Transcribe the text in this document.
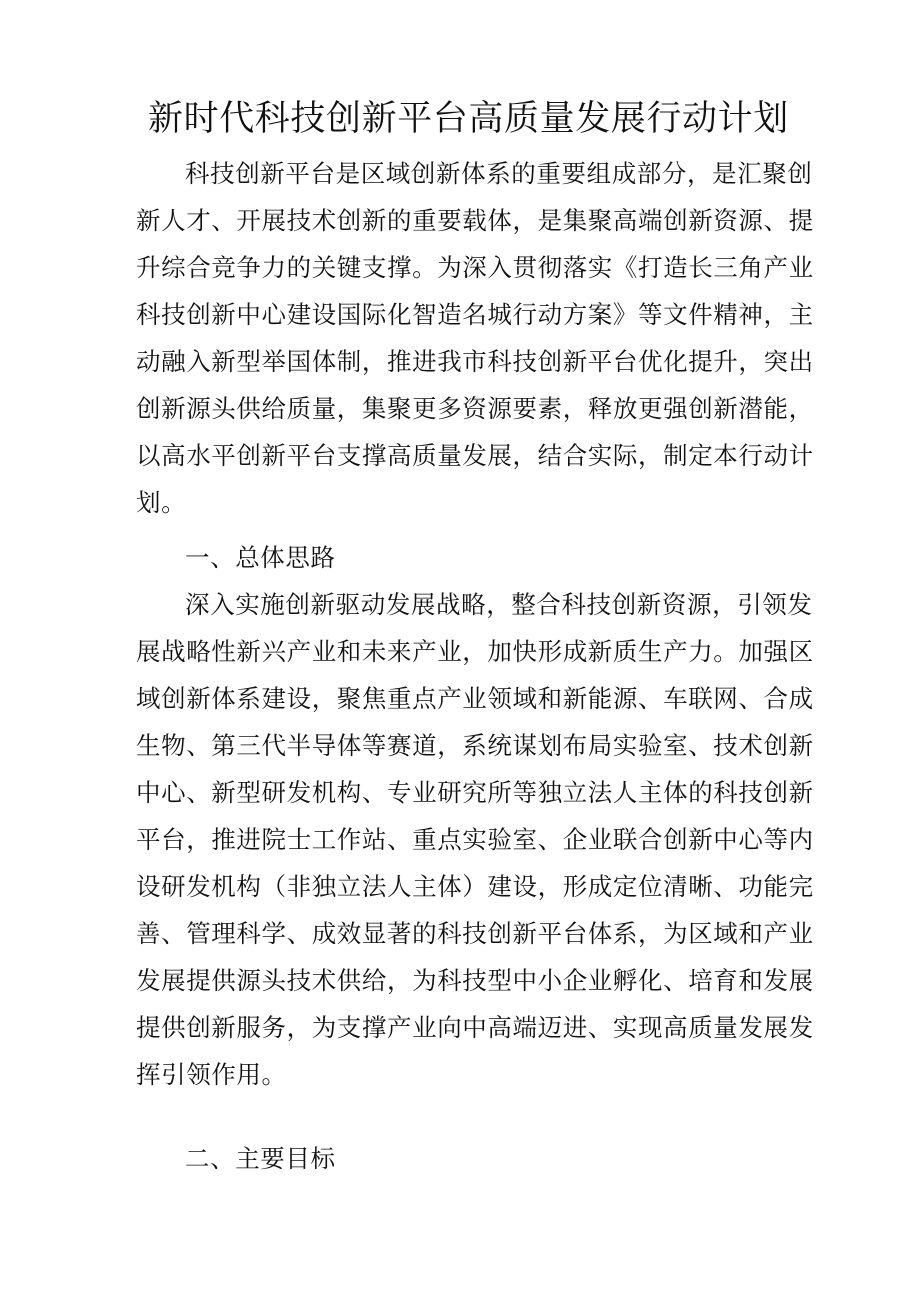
新时代科技创新平台高质量发展行动计划
科技创新平台是区域创新体系的重要组成部分，是汇聚创
新人才、开展技术创新的重要载体，是集聚高端创新资源、提
升综合竞争力的关键支撑。为深入贯彻落实《打造长三角产业
科技创新中心建设国际化智造名城行动方案》等文件精神，主
动融入新型举国体制，推进我市科技创新平台优化提升，突出
创新源头供给质量，集聚更多资源要素，释放更强创新潜能，
以高水平创新平台支撑高质量发展，结合实际，制定本行动计
划。
一、总体思路
深入实施创新驱动发展战略，整合科技创新资源，引领发
展战略性新兴产业和未来产业，加快形成新质生产力。加强区
域创新体系建设，聚焦重点产业领域和新能源、车联网、合成
生物、第三代半导体等赛道，系统谋划布局实验室、技术创新
中心、新型研发机构、专业研究所等独立法人主体的科技创新
平台，推进院士工作站、重点实验室、企业联合创新中心等内
设研发机构（非独立法人主体）建设，形成定位清晰、功能完
善、管理科学、成效显著的科技创新平台体系，为区域和产业
发展提供源头技术供给，为科技型中小企业孵化、培育和发展
提供创新服务，为支撑产业向中高端迈进、实现高质量发展发
挥引领作用。
二、主要目标
